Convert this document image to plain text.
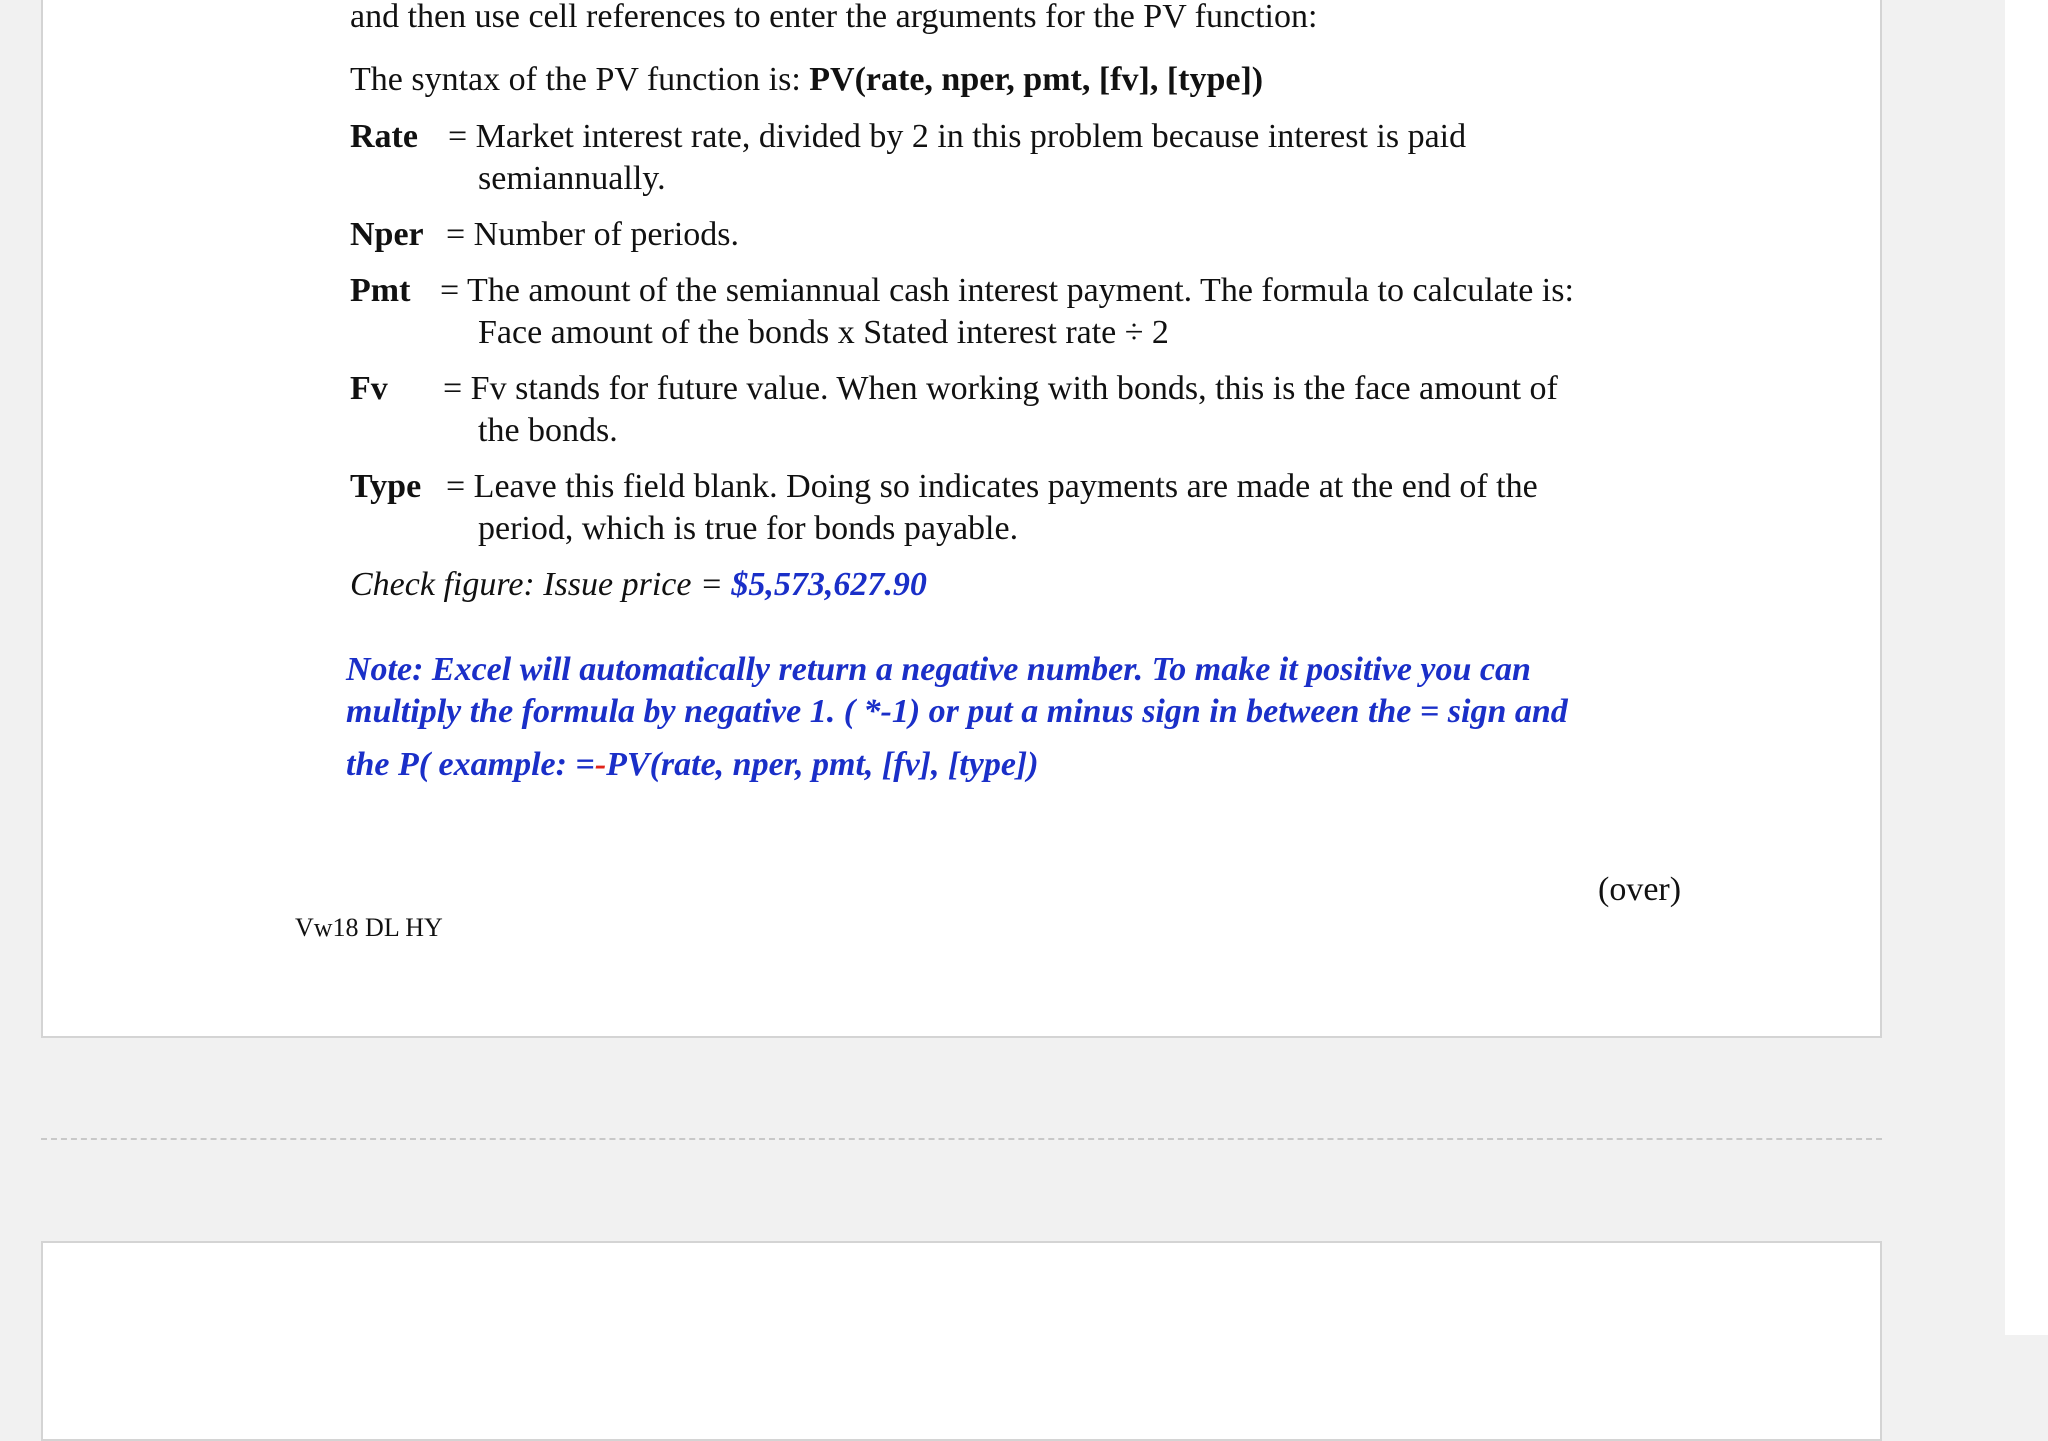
and then use cell references to enter the arguments for the PV function:
The syntax of the PV function is: PV(rate, nper, pmt, [fv], [type])
Rate = Market interest rate, divided by 2 in this problem because interest is paid
semiannually.
Nper = Number of periods.
Pmt = The amount of the semiannual cash interest payment. The formula to calculate is:
Face amount of the bonds x Stated interest rate ÷ 2
Fv = Fv stands for future value. When working with bonds, this is the face amount of
the bonds.
Type = Leave this field blank. Doing so indicates payments are made at the end of the
period, which is true for bonds payable.
Check figure: Issue price = $5,573,627.90
Note: Excel will automatically return a negative number. To make it positive you can
multiply the formula by negative 1. ( *-1) or put a minus sign in between the = sign and
the P( example: =-PV(rate, nper, pmt, [fv], [type])
(over)
Vw18 DL HY
